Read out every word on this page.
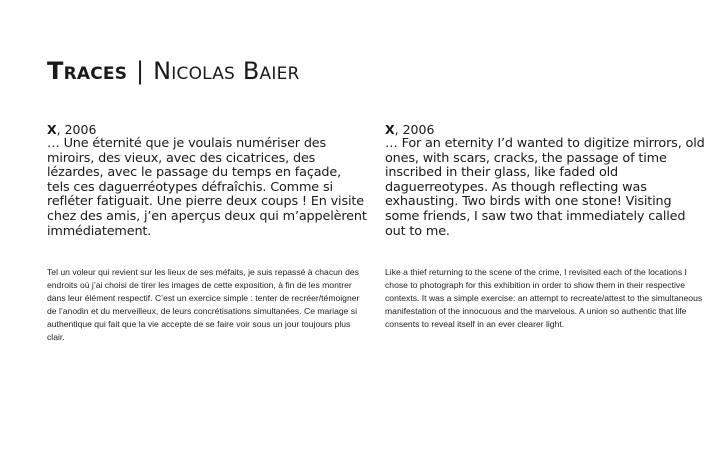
Traces | Nicolas Baier

X, 2006

… Une éternité que je voulais numériser des miroirs, des vieux, avec des cicatrices, des lézardes, avec le passage du temps en façade, tels ces daguerréotypes défraîchis. Comme si refléter fatiguait. Une pierre deux coups ! En visite chez des amis, j’en aperçus deux qui m’appelèrent immédiatement.

X, 2006

… For an eternity I’d wanted to digitize mirrors, old ones, with scars, cracks, the passage of time inscribed in their glass, like faded old daguerreotypes. As though reflecting was exhausting. Two birds with one stone! Visiting some friends, I saw two that immediately called out to me.

Tel un voleur qui revient sur les lieux de ses méfaits, je suis repassé à chacun des endroits où j’ai choisi de tirer les images de cette exposition, à fin de les montrer dans leur élément respectif. C’est un exercice simple : tenter de recréer/témoigner de l’anodin et du merveilleux, de leurs concrétisations simultanées. Ce mariage si authentique qui fait que la vie accepte de se faire voir sous un jour toujours plus clair.

Like a thief returning to the scene of the crime, I revisited each of the locations I chose to photograph for this exhibition in order to show them in their respective contexts. It was a simple exercise: an attempt to recreate/attest to the simultaneous manifestation of the innocuous and the marvelous. A union so authentic that life consents to reveal itself in an ever clearer light.
